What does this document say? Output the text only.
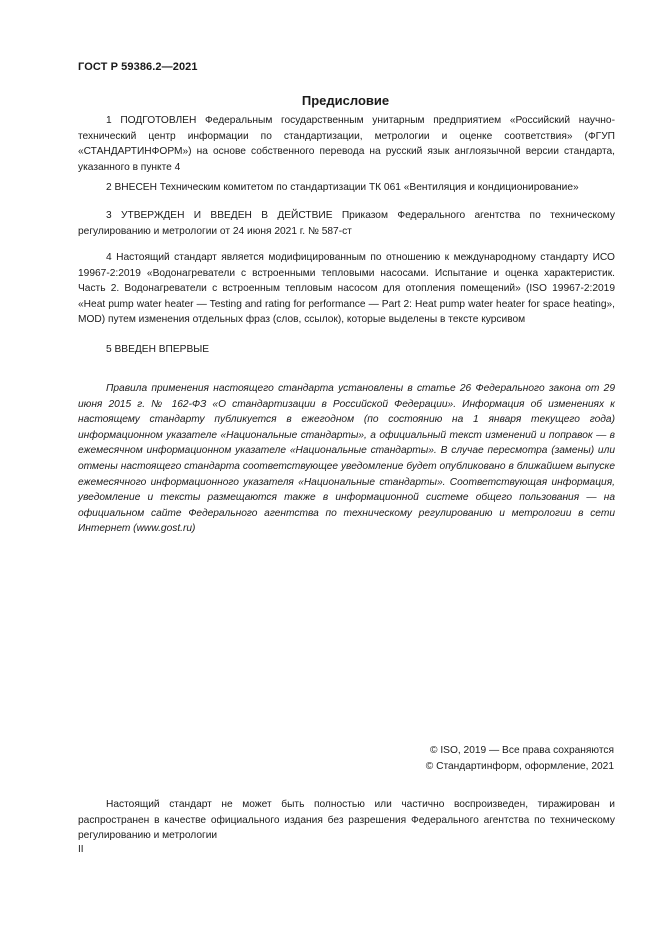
ГОСТ Р 59386.2—2021
Предисловие
1 ПОДГОТОВЛЕН Федеральным государственным унитарным предприятием «Российский научно-технический центр информации по стандартизации, метрологии и оценке соответствия» (ФГУП «СТАНДАРТИНФОРМ») на основе собственного перевода на русский язык англоязычной версии стандарта, указанного в пункте 4
2 ВНЕСЕН Техническим комитетом по стандартизации ТК 061 «Вентиляция и кондиционирование»
3 УТВЕРЖДЕН И ВВЕДЕН В ДЕЙСТВИЕ Приказом Федерального агентства по техническому регулированию и метрологии от 24 июня 2021 г. № 587-ст
4 Настоящий стандарт является модифицированным по отношению к международному стандарту ИСО 19967-2:2019 «Водонагреватели с встроенными тепловыми насосами. Испытание и оценка характеристик. Часть 2. Водонагреватели с встроенным тепловым насосом для отопления помещений» (ISO 19967-2:2019 «Heat pump water heater — Testing and rating for performance — Part 2: Heat pump water heater for space heating», MOD) путем изменения отдельных фраз (слов, ссылок), которые выделены в тексте курсивом
5 ВВЕДЕН ВПЕРВЫЕ
Правила применения настоящего стандарта установлены в статье 26 Федерального закона от 29 июня 2015 г. № 162-ФЗ «О стандартизации в Российской Федерации». Информация об изменениях к настоящему стандарту публикуется в ежегодном (по состоянию на 1 января текущего года) информационном указателе «Национальные стандарты», а официальный текст изменений и поправок — в ежемесячном информационном указателе «Национальные стандарты». В случае пересмотра (замены) или отмены настоящего стандарта соответствующее уведомление будет опубликовано в ближайшем выпуске ежемесячного информационного указателя «Национальные стандарты». Соответствующая информация, уведомление и тексты размещаются также в информационной системе общего пользования — на официальном сайте Федерального агентства по техническому регулированию и метрологии в сети Интернет (www.gost.ru)
© ISO, 2019 — Все права сохраняются
© Стандартинформ, оформление, 2021
Настоящий стандарт не может быть полностью или частично воспроизведен, тиражирован и распространен в качестве официального издания без разрешения Федерального агентства по техническому регулированию и метрологии
II
